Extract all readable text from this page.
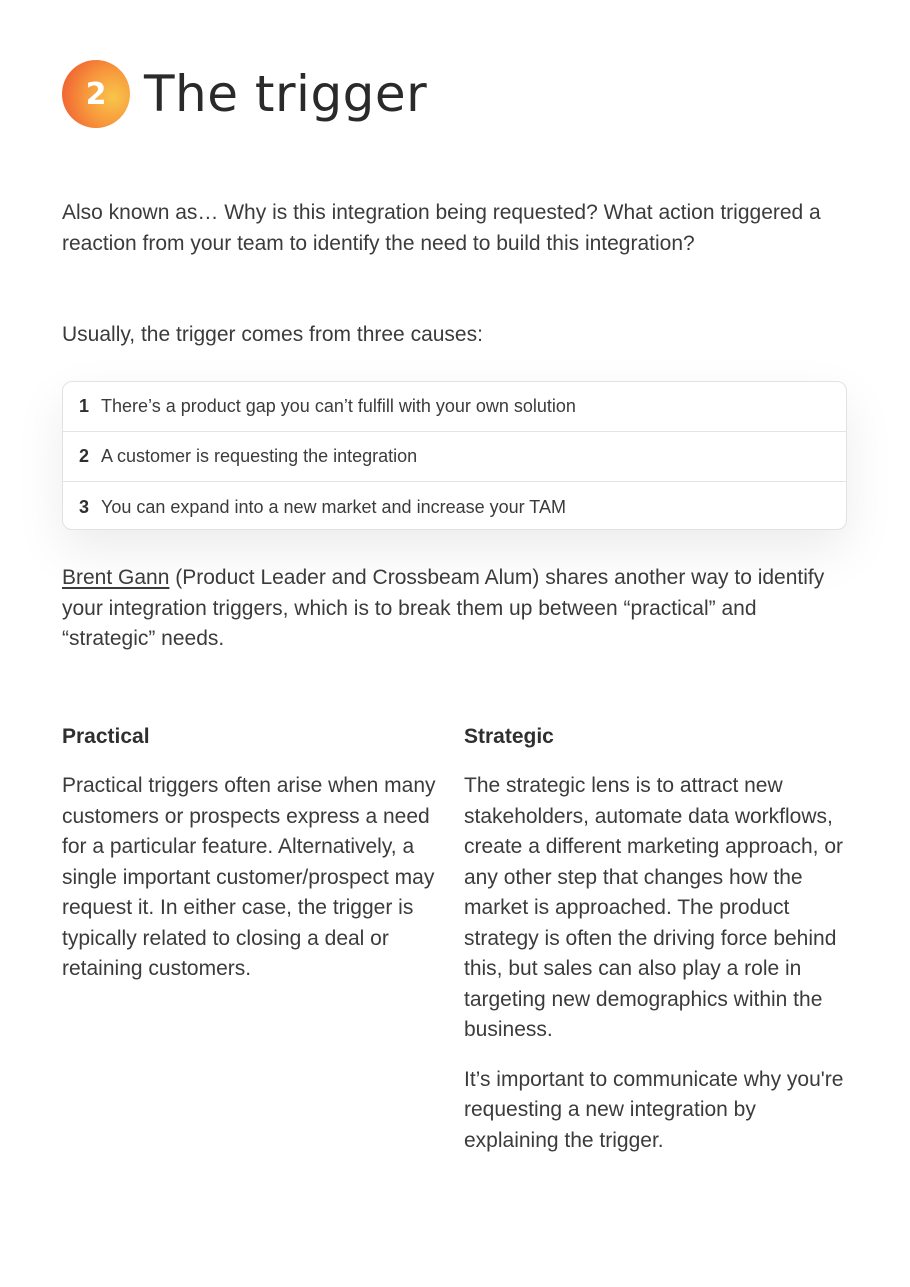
2 The trigger

Also known as… Why is this integration being requested? What action triggered a reaction from your team to identify the need to build this integration?

Usually, the trigger comes from three causes:

1 There’s a product gap you can’t fulfill with your own solution
2 A customer is requesting the integration
3 You can expand into a new market and increase your TAM

Brent Gann (Product Leader and Crossbeam Alum) shares another way to identify your integration triggers, which is to break them up between “practical” and “strategic” needs.

Practical

Practical triggers often arise when many customers or prospects express a need for a particular feature. Alternatively, a single important customer/prospect may request it. In either case, the trigger is typically related to closing a deal or retaining customers.

Strategic

The strategic lens is to attract new stakeholders, automate data workflows, create a different marketing approach, or any other step that changes how the market is approached. The product strategy is often the driving force behind this, but sales can also play a role in targeting new demographics within the business.

It’s important to communicate why you're requesting a new integration by explaining the trigger.
